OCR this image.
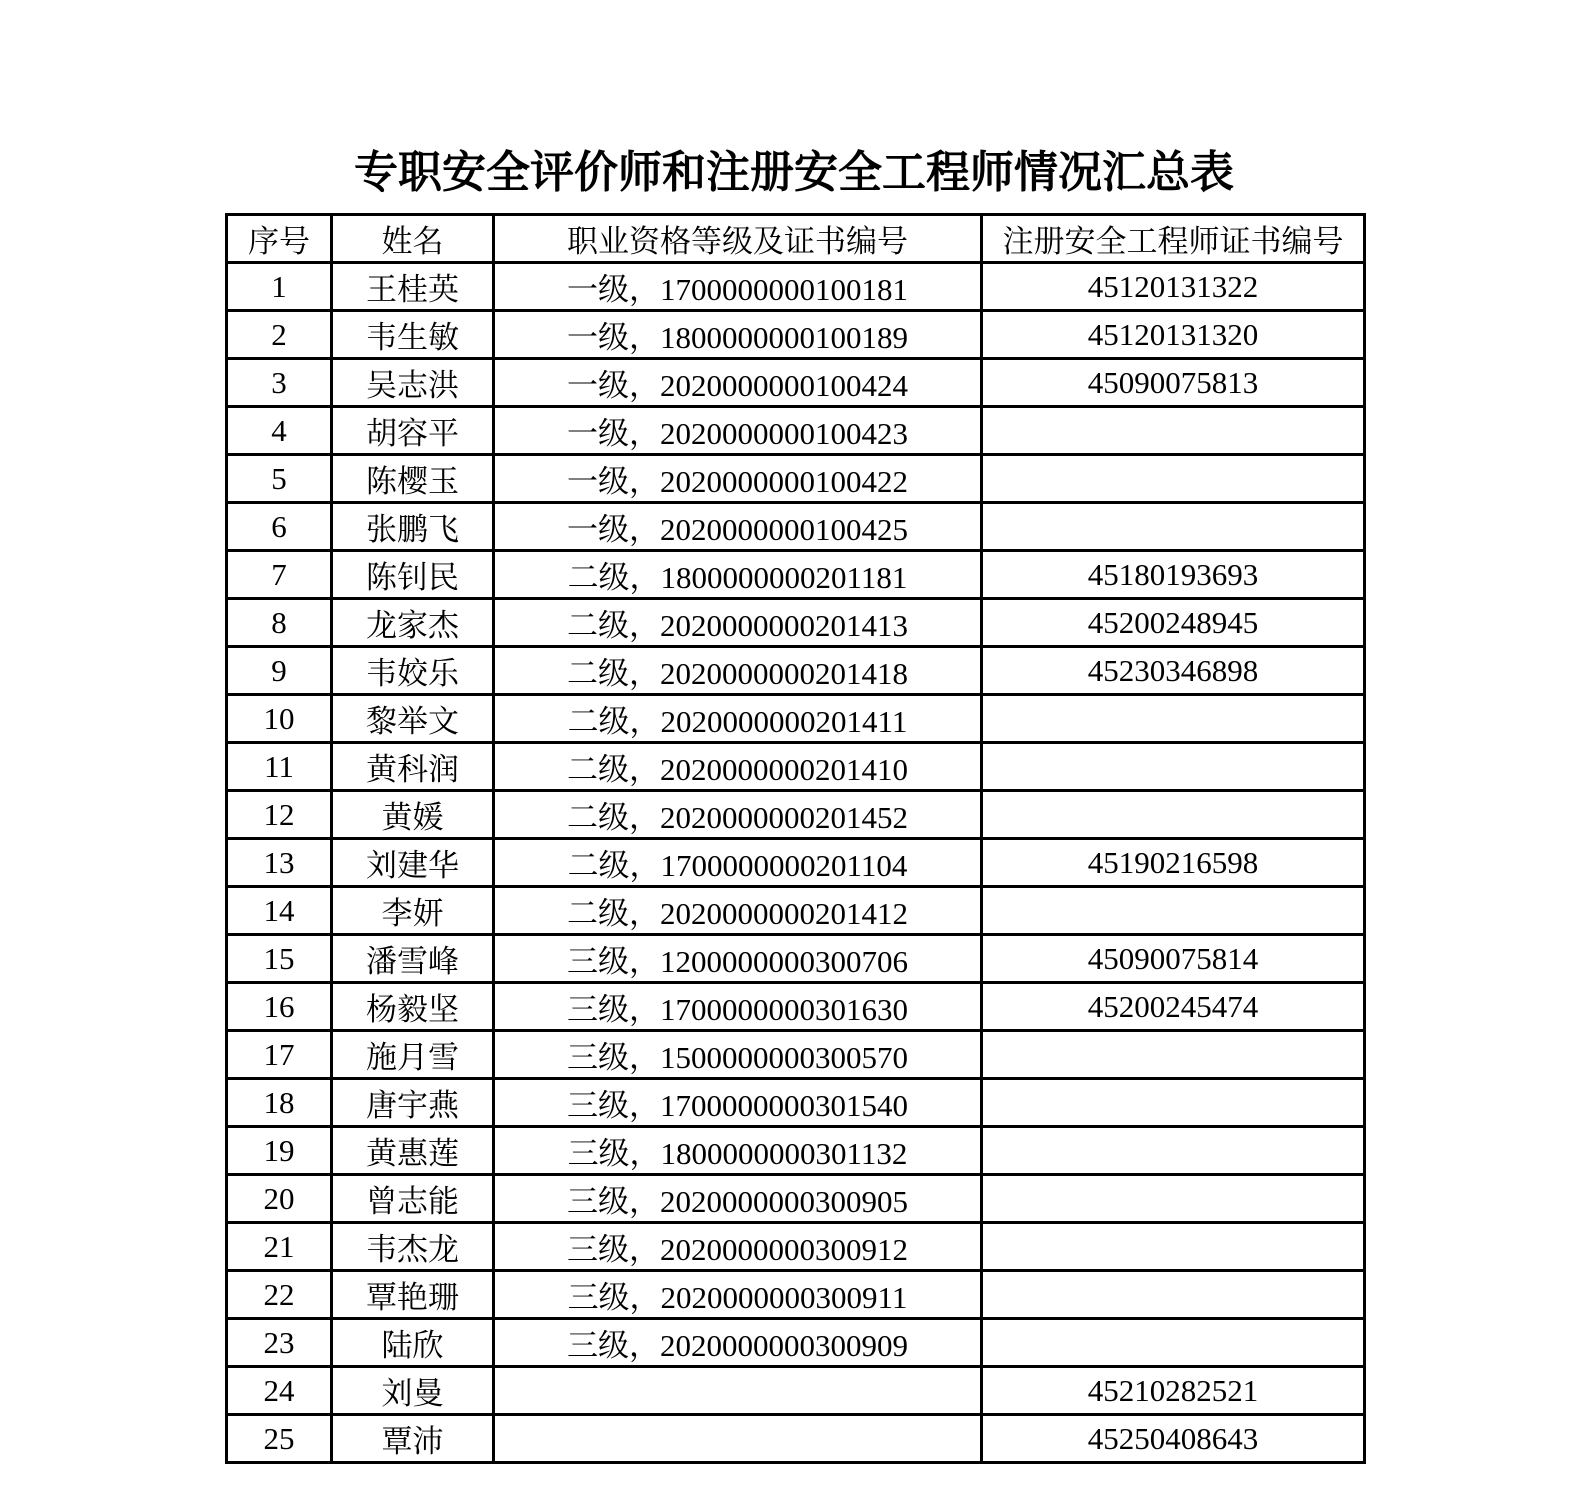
专职安全评价师和注册安全工程师情况汇总表
序号	姓名	职业资格等级及证书编号	注册安全工程师证书编号
1	王桂英	一级，1700000000100181	45120131322
2	韦生敏	一级，1800000000100189	45120131320
3	吴志洪	一级，2020000000100424	45090075813
4	胡容平	一级，2020000000100423	
5	陈樱玉	一级，2020000000100422	
6	张鹏飞	一级，2020000000100425	
7	陈钊民	二级，1800000000201181	45180193693
8	龙家杰	二级，2020000000201413	45200248945
9	韦姣乐	二级，2020000000201418	45230346898
10	黎举文	二级，2020000000201411	
11	黄科润	二级，2020000000201410	
12	黄媛	二级，2020000000201452	
13	刘建华	二级，1700000000201104	45190216598
14	李妍	二级，2020000000201412	
15	潘雪峰	三级，1200000000300706	45090075814
16	杨毅坚	三级，1700000000301630	45200245474
17	施月雪	三级，1500000000300570	
18	唐宇燕	三级，1700000000301540	
19	黄惠莲	三级，1800000000301132	
20	曾志能	三级，2020000000300905	
21	韦杰龙	三级，2020000000300912	
22	覃艳珊	三级，2020000000300911	
23	陆欣	三级，2020000000300909	
24	刘曼		45210282521
25	覃沛		45250408643
